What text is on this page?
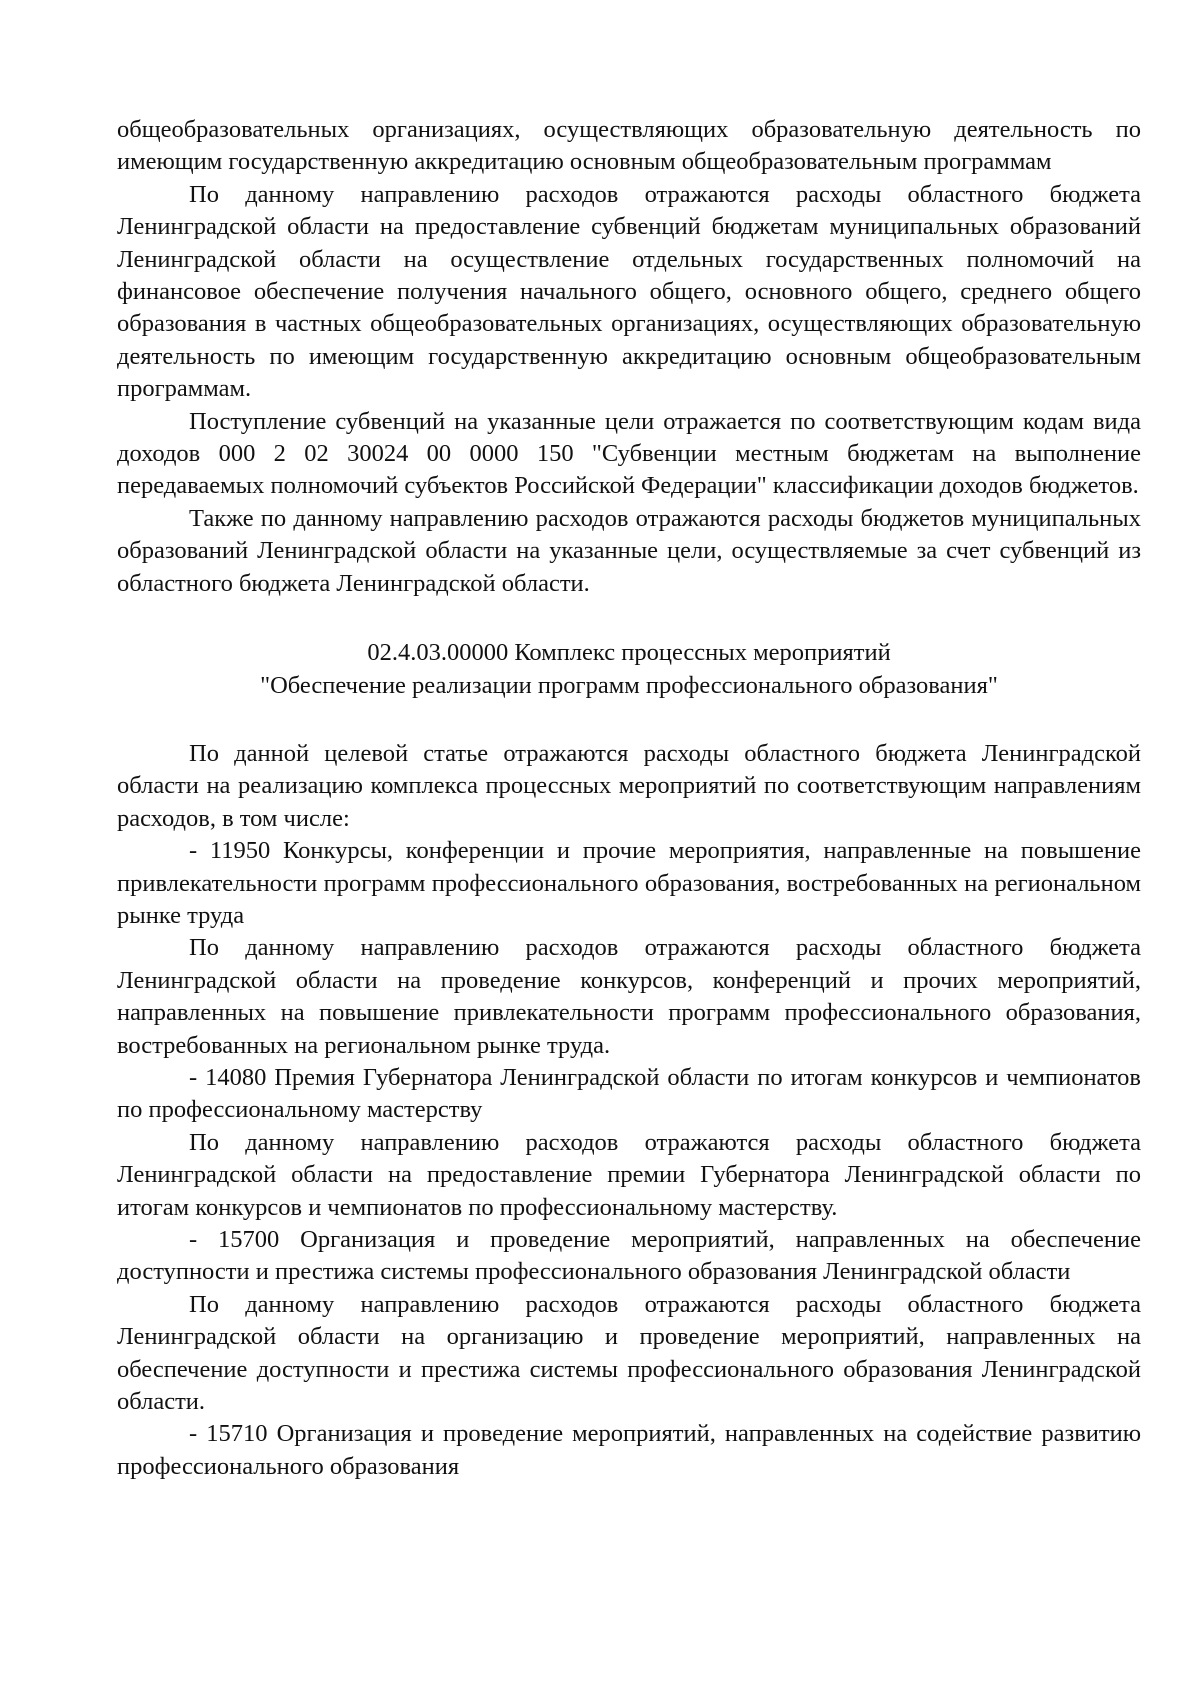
общеобразовательных организациях, осуществляющих образовательную деятельность по имеющим государственную аккредитацию основным общеобразовательным программам

По данному направлению расходов отражаются расходы областного бюджета Ленинградской области на предоставление субвенций бюджетам муниципальных образований Ленинградской области на осуществление отдельных государственных полномочий на финансовое обеспечение получения начального общего, основного общего, среднего общего образования в частных общеобразовательных организациях, осуществляющих образовательную деятельность по имеющим государственную аккредитацию основным общеобразовательным программам.

Поступление субвенций на указанные цели отражается по соответствующим кодам вида доходов 000 2 02 30024 00 0000 150 "Субвенции местным бюджетам на выполнение передаваемых полномочий субъектов Российской Федерации" классификации доходов бюджетов.

Также по данному направлению расходов отражаются расходы бюджетов муниципальных образований Ленинградской области на указанные цели, осуществляемые за счет субвенций из областного бюджета Ленинградской области.

02.4.03.00000 Комплекс процессных мероприятий
"Обеспечение реализации программ профессионального образования"

По данной целевой статье отражаются расходы областного бюджета Ленинградской области на реализацию комплекса процессных мероприятий по соответствующим направлениям расходов, в том числе:

- 11950 Конкурсы, конференции и прочие мероприятия, направленные на повышение привлекательности программ профессионального образования, востребованных на региональном рынке труда

По данному направлению расходов отражаются расходы областного бюджета Ленинградской области на проведение конкурсов, конференций и прочих мероприятий, направленных на повышение привлекательности программ профессионального образования, востребованных на региональном рынке труда.

- 14080 Премия Губернатора Ленинградской области по итогам конкурсов и чемпионатов по профессиональному мастерству

По данному направлению расходов отражаются расходы областного бюджета Ленинградской области на предоставление премии Губернатора Ленинградской области по итогам конкурсов и чемпионатов по профессиональному мастерству.

- 15700 Организация и проведение мероприятий, направленных на обеспечение доступности и престижа системы профессионального образования Ленинградской области

По данному направлению расходов отражаются расходы областного бюджета Ленинградской области на организацию и проведение мероприятий, направленных на обеспечение доступности и престижа системы профессионального образования Ленинградской области.

- 15710 Организация и проведение мероприятий, направленных на содействие развитию профессионального образования
